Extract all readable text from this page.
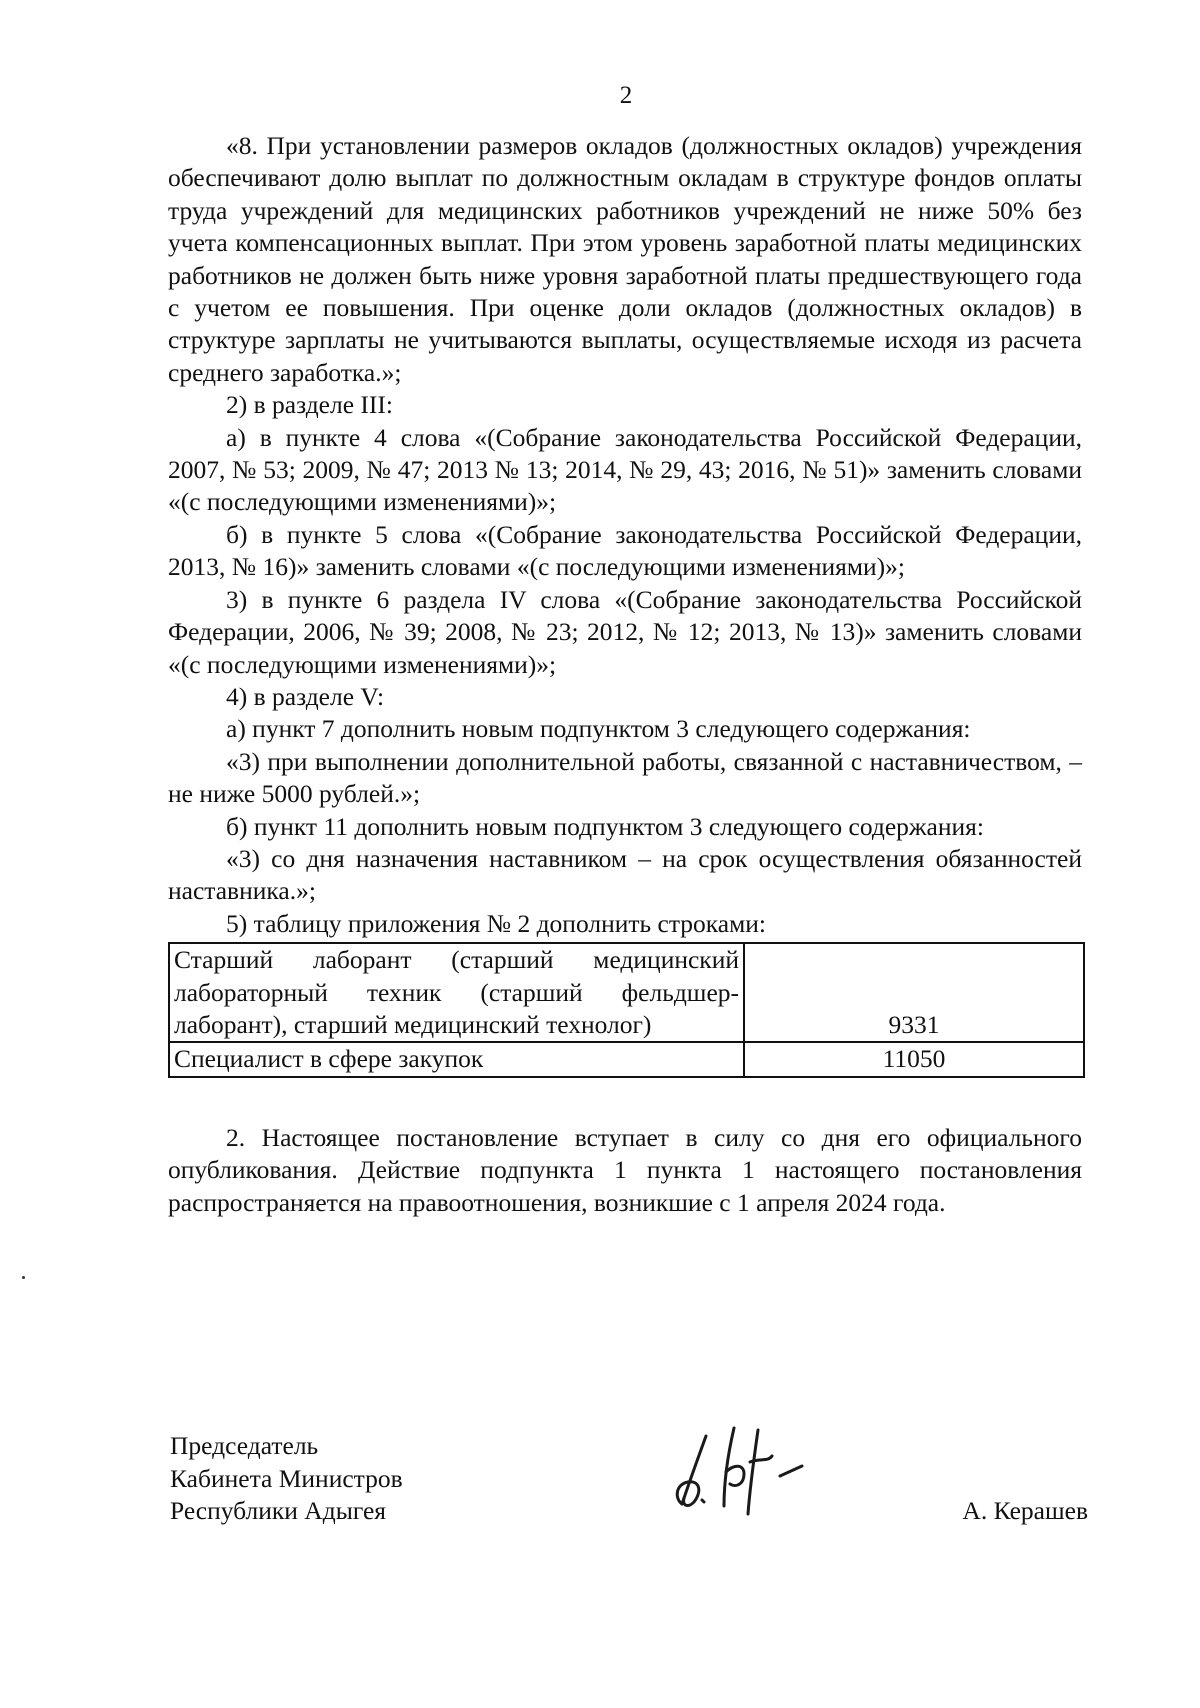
2

«8. При установлении размеров окладов (должностных окладов) учреждения обеспечивают долю выплат по должностным окладам в структуре фондов оплаты труда учреждений для медицинских работников учреждений не ниже 50% без учета компенсационных выплат. При этом уровень заработной платы медицинских работников не должен быть ниже уровня заработной платы предшествующего года с учетом ее повышения. При оценке доли окладов (должностных окладов) в структуре зарплаты не учитываются выплаты, осуществляемые исходя из расчета среднего заработка.»;

2) в разделе III:

а) в пункте 4 слова «(Собрание законодательства Российской Федерации, 2007, № 53; 2009, № 47; 2013 № 13; 2014, № 29, 43; 2016, № 51)» заменить словами «(с последующими изменениями)»;

б) в пункте 5 слова «(Собрание законодательства Российской Федерации, 2013, № 16)» заменить словами «(с последующими изменениями)»;

3) в пункте 6 раздела IV слова «(Собрание законодательства Российской Федерации, 2006, № 39; 2008, № 23; 2012, № 12; 2013, № 13)» заменить словами «(с последующими изменениями)»;

4) в разделе V:

а) пункт 7 дополнить новым подпунктом 3 следующего содержания:

«3) при выполнении дополнительной работы, связанной с наставничеством, – не ниже 5000 рублей.»;

б) пункт 11 дополнить новым подпунктом 3 следующего содержания:

«3) со дня назначения наставником – на срок осуществления обязанностей наставника.»;

5) таблицу приложения № 2 дополнить строками:

Старший лаборант (старший медицинский лабораторный техник (старший фельдшер-лаборант), старший медицинский технолог)	9331
Специалист в сфере закупок	11050

2. Настоящее постановление вступает в силу со дня его официального опубликования. Действие подпункта 1 пункта 1 настоящего постановления распространяется на правоотношения, возникшие с 1 апреля 2024 года.

Председатель
Кабинета Министров
Республики Адыгея	А. Керашев
